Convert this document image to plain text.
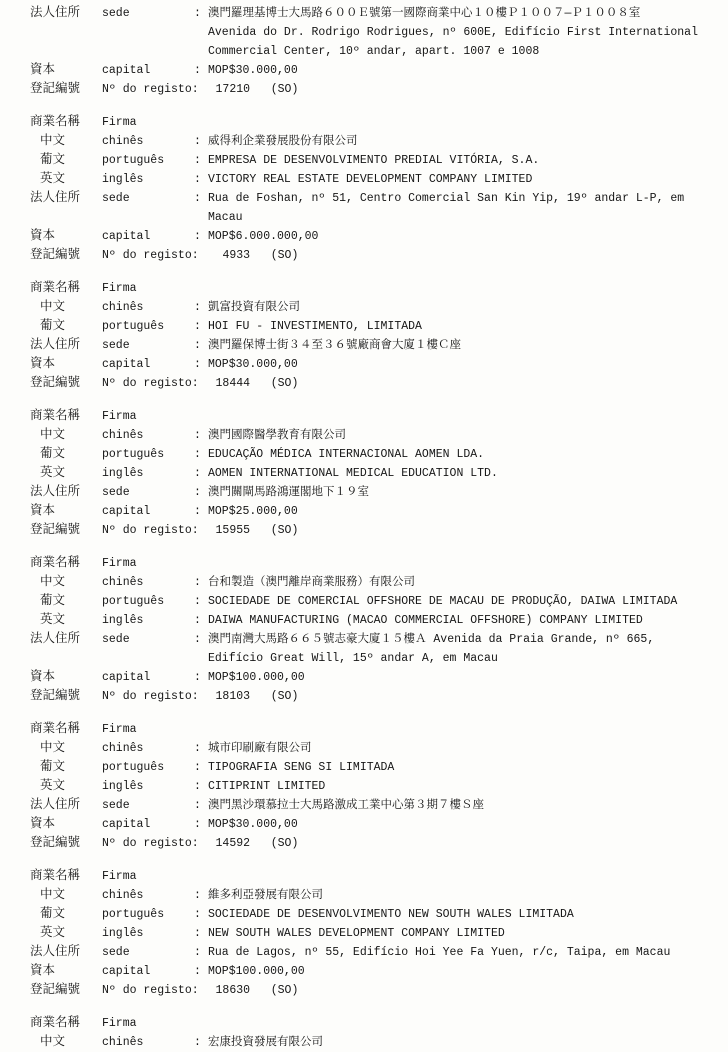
法人住所	sede	: 澳門羅理基博士大馬路６００Ｅ號第一國際商業中心１０樓Ｐ１００７—Ｐ１００８室
Avenida do Dr. Rodrigo Rodrigues, nº 600E, Edifício First International
Commercial Center, 10º andar, apart. 1007 e 1008
資本	capital	: MOP$30.000,00
登記編號	Nº do registo: 17210   (SO)
商業名稱	Firma
中文	chinês	: 威得利企業發展股份有限公司
葡文	português	: EMPRESA DE DESENVOLVIMENTO PREDIAL VITÓRIA, S.A.
英文	inglês	: VICTORY REAL ESTATE DEVELOPMENT COMPANY LIMITED
法人住所	sede	: Rua de Foshan, nº 51, Centro Comercial San Kin Yip, 19º andar L-P, em Macau
資本	capital	: MOP$6.000.000,00
登記編號	Nº do registo: 4933   (SO)
商業名稱	Firma
中文	chinês	: 凱富投資有限公司
葡文	português	: HOI FU - INVESTIMENTO, LIMITADA
法人住所	sede	: 澳門羅保博士街３４至３６號廠商會大廈１樓Ｃ座
資本	capital	: MOP$30.000,00
登記編號	Nº do registo: 18444   (SO)
商業名稱	Firma
中文	chinês	: 澳門國際醫學教育有限公司
葡文	português	: EDUCAÇÃO MÉDICA INTERNACIONAL AOMEN LDA.
英文	inglês	: AOMEN INTERNATIONAL MEDICAL EDUCATION LTD.
法人住所	sede	: 澳門關閘馬路鴻運閣地下１９室
資本	capital	: MOP$25.000,00
登記編號	Nº do registo: 15955   (SO)
商業名稱	Firma
中文	chinês	: 台和製造（澳門離岸商業服務）有限公司
葡文	português	: SOCIEDADE DE COMERCIAL OFFSHORE DE MACAU DE PRODUÇÃO, DAIWA LIMITADA
英文	inglês	: DAIWA MANUFACTURING (MACAO COMMERCIAL OFFSHORE) COMPANY LIMITED
法人住所	sede	: 澳門南灣大馬路６６５號志豪大廈１５樓Ａ Avenida da Praia Grande, nº 665,
Edifício Great Will, 15º andar A, em Macau
資本	capital	: MOP$100.000,00
登記編號	Nº do registo: 18103   (SO)
商業名稱	Firma
中文	chinês	: 城市印刷廠有限公司
葡文	português	: TIPOGRAFIA SENG SI LIMITADA
英文	inglês	: CITIPRINT LIMITED
法人住所	sede	: 澳門黑沙環慕拉士大馬路激成工業中心第３期７樓Ｓ座
資本	capital	: MOP$30.000,00
登記編號	Nº do registo: 14592   (SO)
商業名稱	Firma
中文	chinês	: 維多利亞發展有限公司
葡文	português	: SOCIEDADE DE DESENVOLVIMENTO NEW SOUTH WALES LIMITADA
英文	inglês	: NEW SOUTH WALES DEVELOPMENT COMPANY LIMITED
法人住所	sede	: Rua de Lagos, nº 55, Edifício Hoi Yee Fa Yuen, r/c, Taipa, em Macau
資本	capital	: MOP$100.000,00
登記編號	Nº do registo: 18630   (SO)
商業名稱	Firma
中文	chinês	: 宏康投資發展有限公司
